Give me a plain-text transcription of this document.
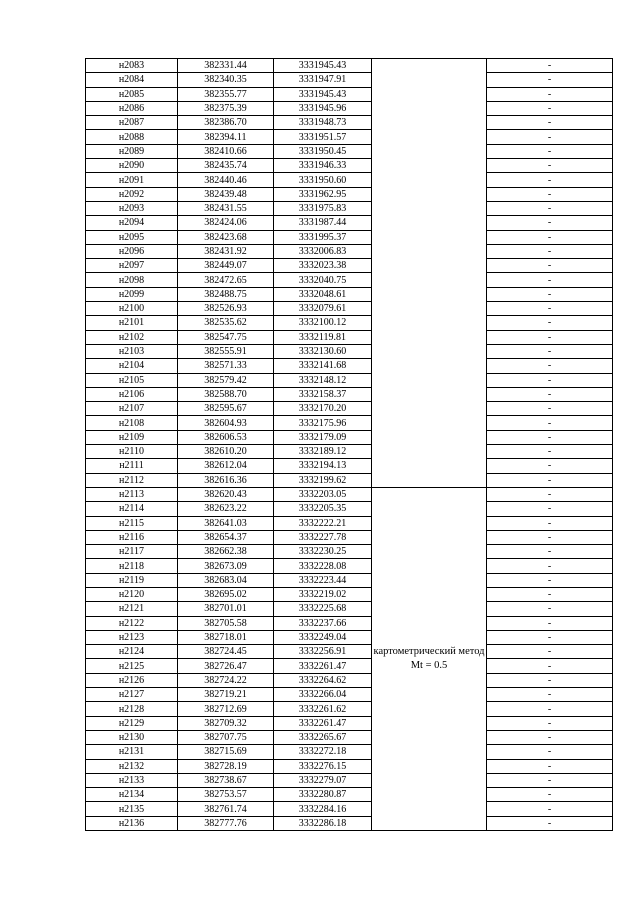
н2083	382331.44	3331945.43		-
н2084	382340.35	3331947.91		-
н2085	382355.77	3331945.43		-
н2086	382375.39	3331945.96		-
н2087	382386.70	3331948.73		-
н2088	382394.11	3331951.57		-
н2089	382410.66	3331950.45		-
н2090	382435.74	3331946.33		-
н2091	382440.46	3331950.60		-
н2092	382439.48	3331962.95		-
н2093	382431.55	3331975.83		-
н2094	382424.06	3331987.44		-
н2095	382423.68	3331995.37		-
н2096	382431.92	3332006.83		-
н2097	382449.07	3332023.38		-
н2098	382472.65	3332040.75		-
н2099	382488.75	3332048.61		-
н2100	382526.93	3332079.61		-
н2101	382535.62	3332100.12		-
н2102	382547.75	3332119.81		-
н2103	382555.91	3332130.60		-
н2104	382571.33	3332141.68		-
н2105	382579.42	3332148.12		-
н2106	382588.70	3332158.37		-
н2107	382595.67	3332170.20		-
н2108	382604.93	3332175.96		-
н2109	382606.53	3332179.09		-
н2110	382610.20	3332189.12		-
н2111	382612.04	3332194.13		-
н2112	382616.36	3332199.62		-
н2113	382620.43	3332203.05	картометрический метод Mt = 0.5	-
н2114	382623.22	3332205.35		-
н2115	382641.03	3332222.21		-
н2116	382654.37	3332227.78		-
н2117	382662.38	3332230.25		-
н2118	382673.09	3332228.08		-
н2119	382683.04	3332223.44		-
н2120	382695.02	3332219.02		-
н2121	382701.01	3332225.68		-
н2122	382705.58	3332237.66		-
н2123	382718.01	3332249.04		-
н2124	382724.45	3332256.91		-
н2125	382726.47	3332261.47		-
н2126	382724.22	3332264.62		-
н2127	382719.21	3332266.04		-
н2128	382712.69	3332261.62		-
н2129	382709.32	3332261.47		-
н2130	382707.75	3332265.67		-
н2131	382715.69	3332272.18		-
н2132	382728.19	3332276.15		-
н2133	382738.67	3332279.07		-
н2134	382753.57	3332280.87		-
н2135	382761.74	3332284.16		-
н2136	382777.76	3332286.18		-
